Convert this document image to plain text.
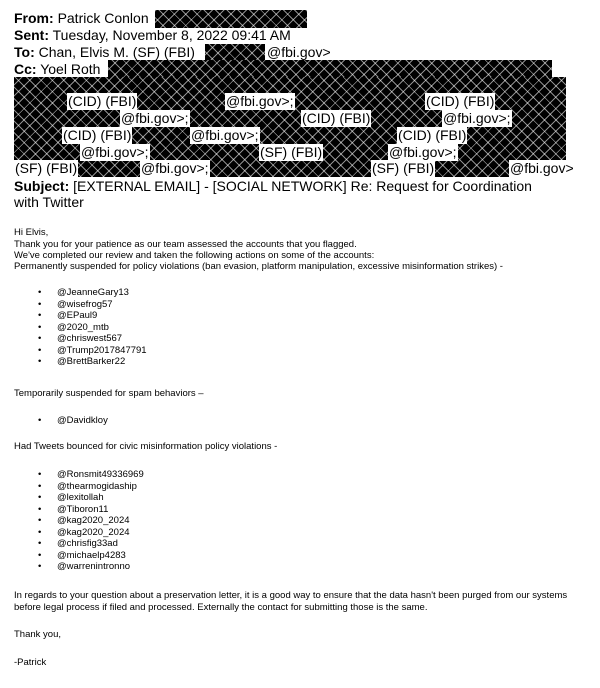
From: Patrick Conlon
Sent: Tuesday, November 8, 2022 09:41 AM
To: Chan, Elvis M. (SF) (FBI)	@fbi.gov>
Cc: Yoel Roth
(CID) (FBI)	@fbi.gov>;	(CID) (FBI)
@fbi.gov>;	(CID) (FBI)	@fbi.gov>;
(CID) (FBI)	@fbi.gov>;	(CID) (FBI)
@fbi.gov>;	(SF) (FBI)	@fbi.gov>;
(SF) (FBI)	@fbi.gov>;	(SF) (FBI)	@fbi.gov>
Subject: [EXTERNAL EMAIL] - [SOCIAL NETWORK] Re: Request for Coordination
with Twitter
Hi Elvis,
Thank you for your patience as our team assessed the accounts that you flagged.
We've completed our review and taken the following actions on some of the accounts:
Permanently suspended for policy violations (ban evasion, platform manipulation, excessive misinformation strikes) -
• @JeanneGary13
• @wisefrog57
• @EPaul9
• @2020_mtb
• @chriswest567
• @Trump2017847791
• @BrettBarker22
Temporarily suspended for spam behaviors –
• @Davidkloy
Had Tweets bounced for civic misinformation policy violations -
• @Ronsmit49336969
• @thearmogidaship
• @lexitollah
• @Tiboron11
• @kag2020_2024
• @kag2020_2024
• @chrisfig33ad
• @michaelp4283
• @warrenintronno
In regards to your question about a preservation letter, it is a good way to ensure that the data hasn't been purged from our systems
before legal process if filed and processed. Externally the contact for submitting those is the same.
Thank you,
-Patrick
